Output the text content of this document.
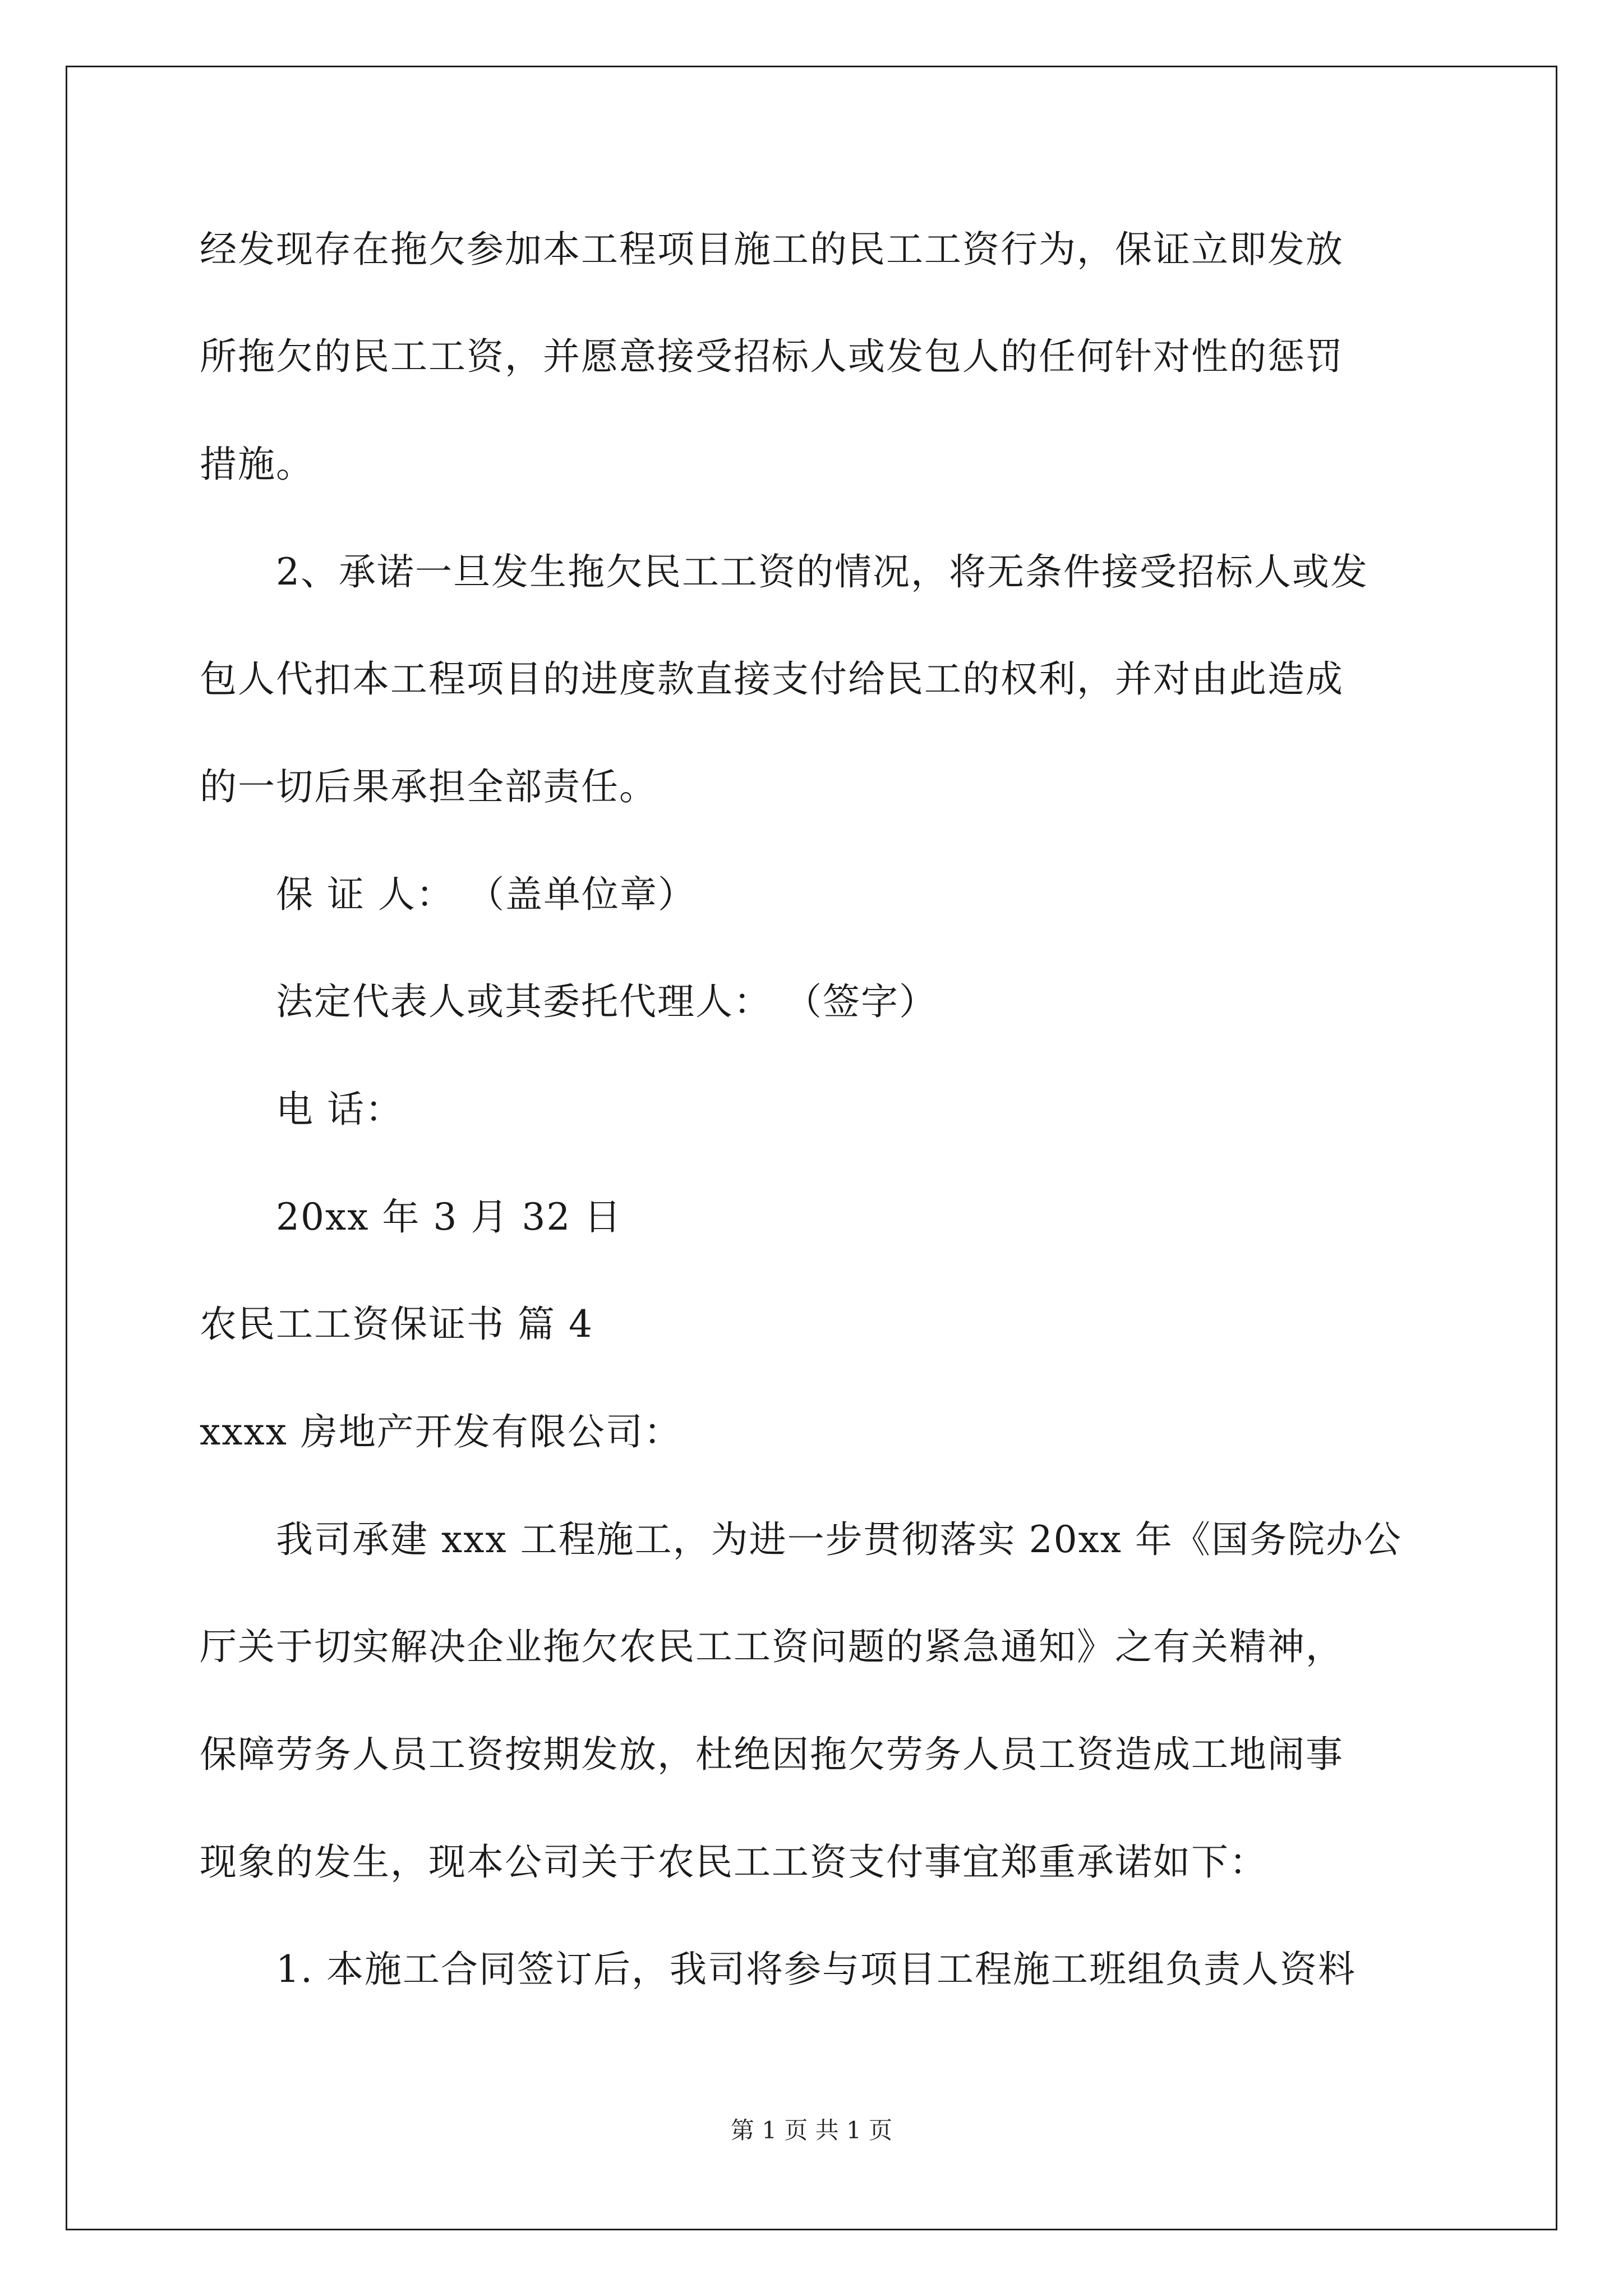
经发现存在拖欠参加本工程项目施工的民工工资行为，保证立即发放
所拖欠的民工工资，并愿意接受招标人或发包人的任何针对性的惩罚
措施。
2、承诺一旦发生拖欠民工工资的情况，将无条件接受招标人或发
包人代扣本工程项目的进度款直接支付给民工的权利，并对由此造成
的一切后果承担全部责任。
保 证 人： （盖单位章）
法定代表人或其委托代理人： （签字）
电 话：
20xx 年 3 月 32 日
农民工工资保证书 篇 4
xxxx 房地产开发有限公司：
我司承建 xxx 工程施工，为进一步贯彻落实 20xx 年《国务院办公
厅关于切实解决企业拖欠农民工工资问题的紧急通知》之有关精神，
保障劳务人员工资按期发放，杜绝因拖欠劳务人员工资造成工地闹事
现象的发生，现本公司关于农民工工资支付事宜郑重承诺如下：
1. 本施工合同签订后，我司将参与项目工程施工班组负责人资料
第 1 页 共 1 页
